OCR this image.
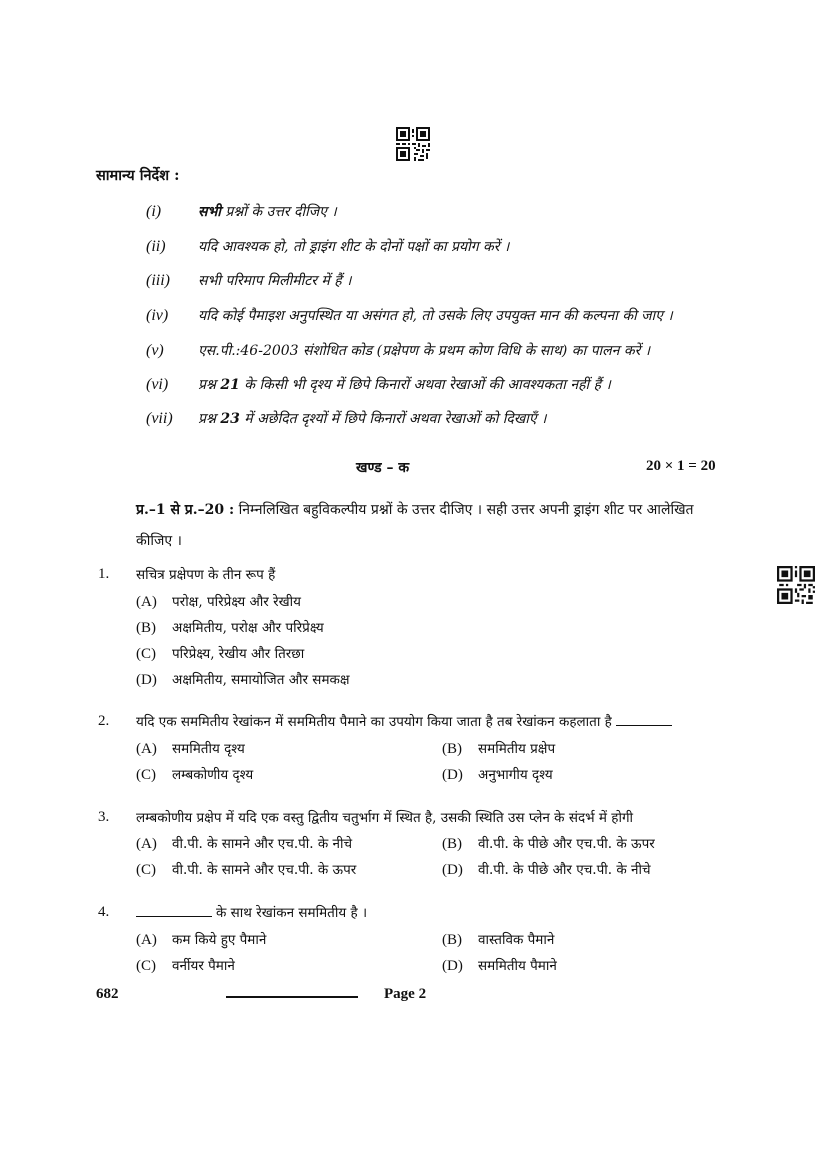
सामान्य निर्देश :
(i)	सभी प्रश्नों के उत्तर दीजिए ।
(ii) यदि आवश्यक हो, तो ड्राइंग शीट के दोनों पक्षों का प्रयोग करें ।
(iii) सभी परिमाप मिलीमीटर में हैं ।
(iv) यदि कोई पैमाइश अनुपस्थित या असंगत हो, तो उसके लिए उपयुक्त मान की कल्पना की जाए ।
(v) एस.पी.:46-2003 संशोधित कोड (प्रक्षेपण के प्रथम कोण विधि के साथ) का पालन करें ।
(vi) प्रश्न 21 के किसी भी दृश्य में छिपे किनारों अथवा रेखाओं की आवश्यकता नहीं हैं ।
(vii) प्रश्न 23 में अछेदित दृश्यों में छिपे किनारों अथवा रेखाओं को दिखाएँ ।
खण्ड – क	20 × 1 = 20
प्र.–1 से प्र.–20 : निम्नलिखित बहुविकल्पीय प्रश्नों के उत्तर दीजिए । सही उत्तर अपनी ड्राइंग शीट पर आलेखित कीजिए ।
1. सचित्र प्रक्षेपण के तीन रूप हैं
(A) परोक्ष, परिप्रेक्ष्य और रेखीय
(B) अक्षमितीय, परोक्ष और परिप्रेक्ष्य
(C) परिप्रेक्ष्य, रेखीय और तिरछा
(D) अक्षमितीय, समायोजित और समकक्ष
2. यदि एक सममितीय रेखांकन में सममितीय पैमाने का उपयोग किया जाता है तब रेखांकन कहलाता है
(A) सममितीय दृश्य	(B) सममितीय प्रक्षेप
(C) लम्बकोणीय दृश्य	(D) अनुभागीय दृश्य
3. लम्बकोणीय प्रक्षेप में यदि एक वस्तु द्वितीय चतुर्भाग में स्थित है, उसकी स्थिति उस प्लेन के संदर्भ में होगी
(A) वी.पी. के सामने और एच.पी. के नीचे	(B) वी.पी. के पीछे और एच.पी. के ऊपर
(C) वी.पी. के सामने और एच.पी. के ऊपर	(D) वी.पी. के पीछे और एच.पी. के नीचे
4.	के साथ रेखांकन सममितीय है ।
(A) कम किये हुए पैमाने	(B) वास्तविक पैमाने
(C) वर्नीयर पैमाने	(D) सममितीय पैमाने
682	Page 2
